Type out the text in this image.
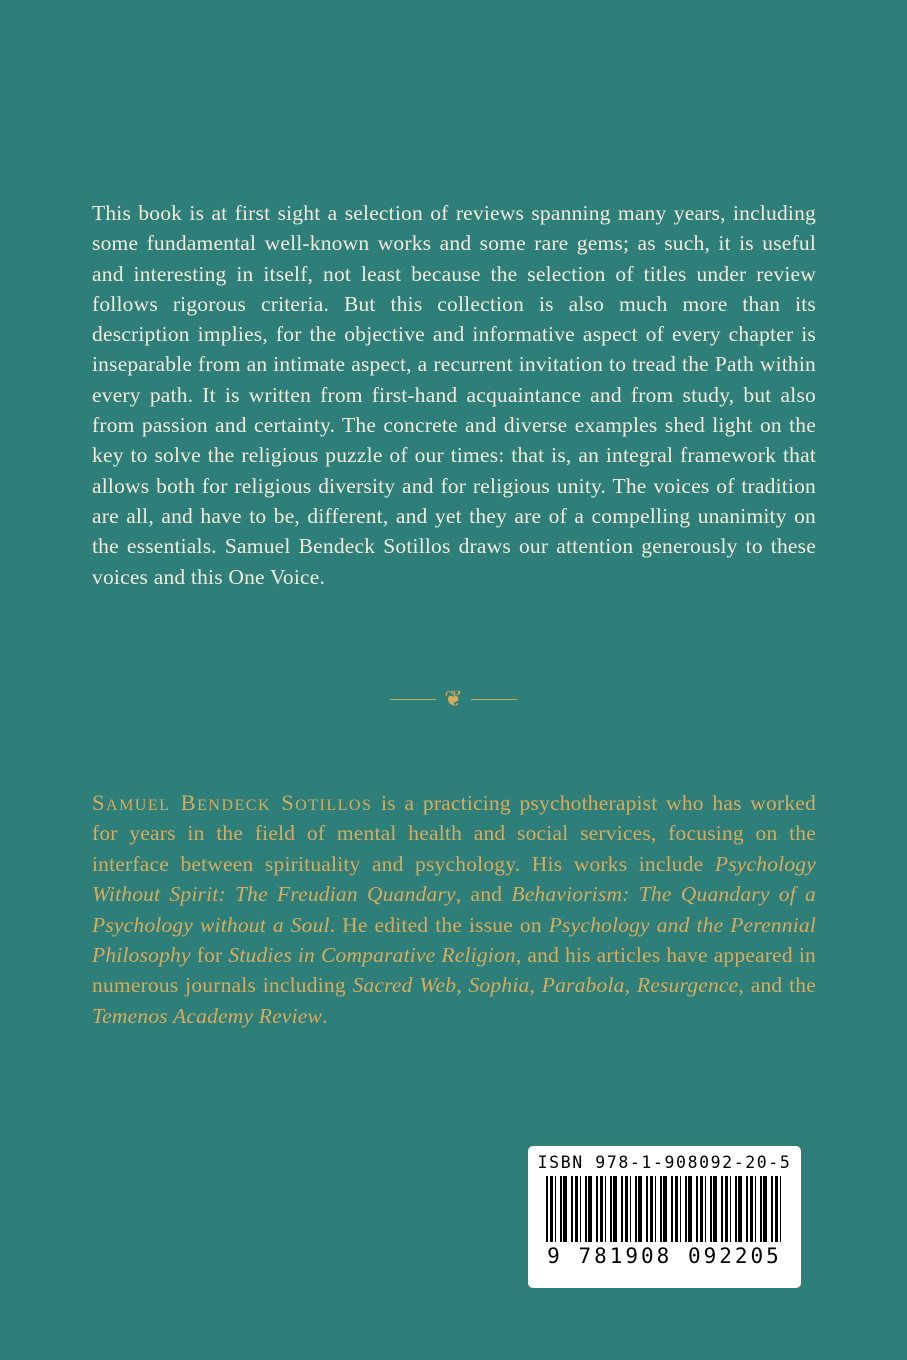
This book is at first sight a selection of reviews spanning many years, including some fundamental well-known works and some rare gems; as such, it is useful and interesting in itself, not least because the selection of titles under review follows rigorous criteria. But this collection is also much more than its description implies, for the objective and informative aspect of every chapter is inseparable from an intimate aspect, a recurrent invitation to tread the Path within every path. It is written from first-hand acquaintance and from study, but also from passion and certainty. The concrete and diverse examples shed light on the key to solve the religious puzzle of our times: that is, an integral framework that allows both for religious diversity and for religious unity. The voices of tradition are all, and have to be, different, and yet they are of a compelling unanimity on the essentials. Samuel Bendeck Sotillos draws our attention generously to these voices and this One Voice.

❦

Samuel Bendeck Sotillos is a practicing psychotherapist who has worked for years in the field of mental health and social services, focusing on the interface between spirituality and psychology. His works include Psychology Without Spirit: The Freudian Quandary, and Behaviorism: The Quandary of a Psychology without a Soul. He edited the issue on Psychology and the Perennial Philosophy for Studies in Comparative Religion, and his articles have appeared in numerous journals including Sacred Web, Sophia, Parabola, Resurgence, and the Temenos Academy Review.

ISBN 978-1-908092-20-5
9 781908 092205
